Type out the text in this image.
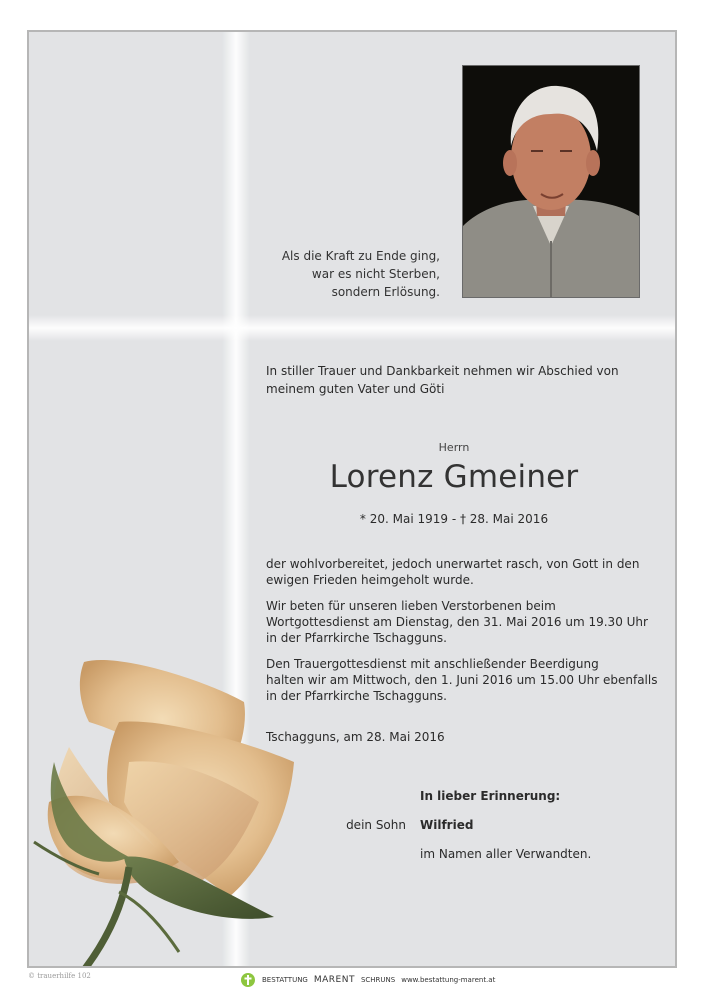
Als die Kraft zu Ende ging,
war es nicht Sterben,
sondern Erlösung.
In stiller Trauer und Dankbarkeit nehmen wir Abschied von
meinem guten Vater und Göti
Herrn
Lorenz Gmeiner
* 20. Mai 1919 - † 28. Mai 2016
der wohlvorbereitet, jedoch unerwartet rasch, von Gott in den
ewigen Frieden heimgeholt wurde.
Wir beten für unseren lieben Verstorbenen beim
Wortgottesdienst am Dienstag, den 31. Mai 2016 um 19.30 Uhr
in der Pfarrkirche Tschagguns.
Den Trauergottesdienst mit anschließender Beerdigung
halten wir am Mittwoch, den 1. Juni 2016 um 15.00 Uhr ebenfalls
in der Pfarrkirche Tschagguns.
Tschagguns, am 28. Mai 2016
In lieber Erinnerung:
dein Sohn Wilfried
im Namen aller Verwandten.
© trauerhilfe 102	BESTATTUNG MARENT SCHRUNS www.bestattung-marent.at
